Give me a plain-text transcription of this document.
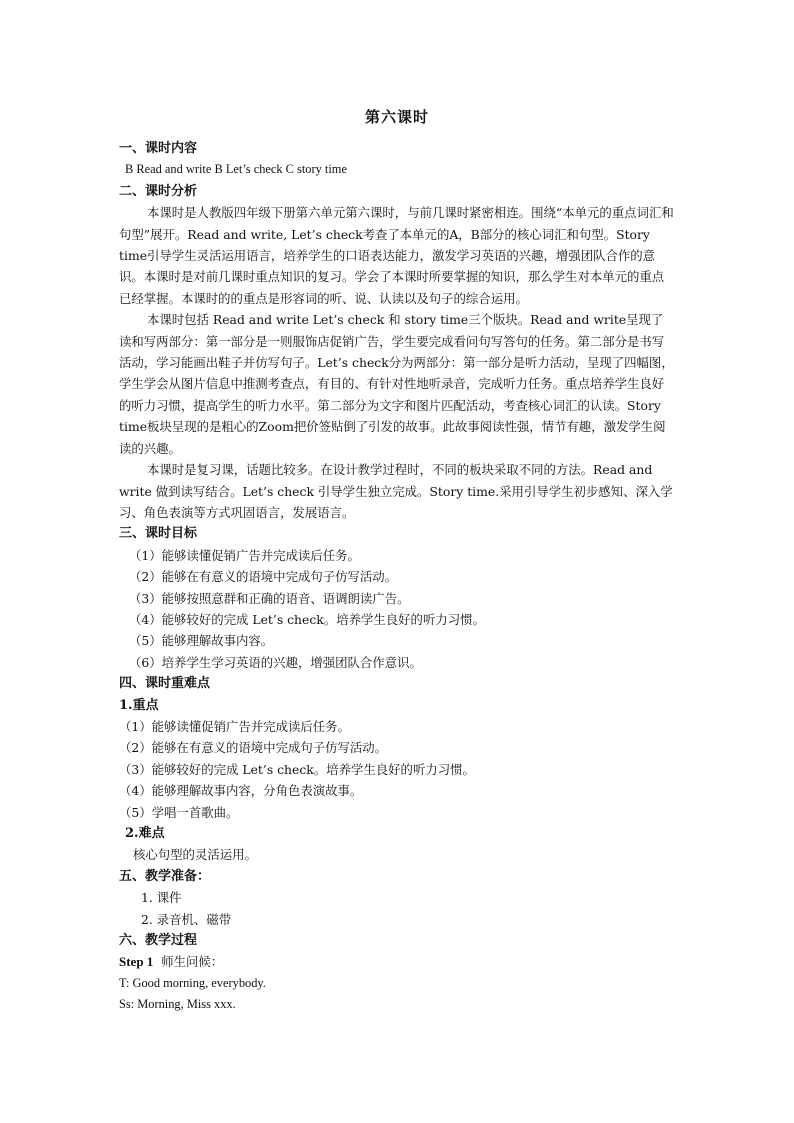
第六课时

一、课时内容

B Read and write B Let’s check C story time

二、课时分析

本课时是人教版四年级下册第六单元第六课时，与前几课时紧密相连。围绕“本单元的重点词汇和句型”展开。Read and write, Let’s check考查了本单元的A，B部分的核心词汇和句型。Story time引导学生灵活运用语言，培养学生的口语表达能力，激发学习英语的兴趣，增强团队合作的意识。本课时是对前几课时重点知识的复习。学会了本课时所要掌握的知识，那么学生对本单元的重点已经掌握。本课时的的重点是形容词的听、说、认读以及句子的综合运用。

本课时包括 Read and write Let’s check 和 story time三个版块。Read and write呈现了读和写两部分：第一部分是一则服饰店促销广告，学生要完成看问句写答句的任务。第二部分是书写活动，学习能画出鞋子并仿写句子。Let’s check分为两部分：第一部分是听力活动，呈现了四幅图，学生学会从图片信息中推测考查点，有目的、有针对性地听录音，完成听力任务。重点培养学生良好的听力习惯，提高学生的听力水平。第二部分为文字和图片匹配活动，考查核心词汇的认读。Story time板块呈现的是粗心的Zoom把价签贴倒了引发的故事。此故事阅读性强，情节有趣，激发学生阅读的兴趣。

本课时是复习课，话题比较多。在设计教学过程时，不同的板块采取不同的方法。Read and write 做到读写结合。Let’s check 引导学生独立完成。Story time.采用引导学生初步感知、深入学习、角色表演等方式巩固语言，发展语言。

三、课时目标

（1）能够读懂促销广告并完成读后任务。

（2）能够在有意义的语境中完成句子仿写活动。

（3）能够按照意群和正确的语音、语调朗读广告。

（4）能够较好的完成 Let’s check。培养学生良好的听力习惯。

（5）能够理解故事内容。

（6）培养学生学习英语的兴趣，增强团队合作意识。

四、课时重难点

1.重点

（1）能够读懂促销广告并完成读后任务。

（2）能够在有意义的语境中完成句子仿写活动。

（3）能够较好的完成 Let’s check。培养学生良好的听力习惯。

（4）能够理解故事内容，分角色表演故事。

（5）学唱一首歌曲。

2.难点

核心句型的灵活运用。

五、教学准备：

1. 课件

2. 录音机、磁带

六、教学过程

Step 1 师生问候：

T: Good morning, everybody.

Ss: Morning, Miss xxx.
